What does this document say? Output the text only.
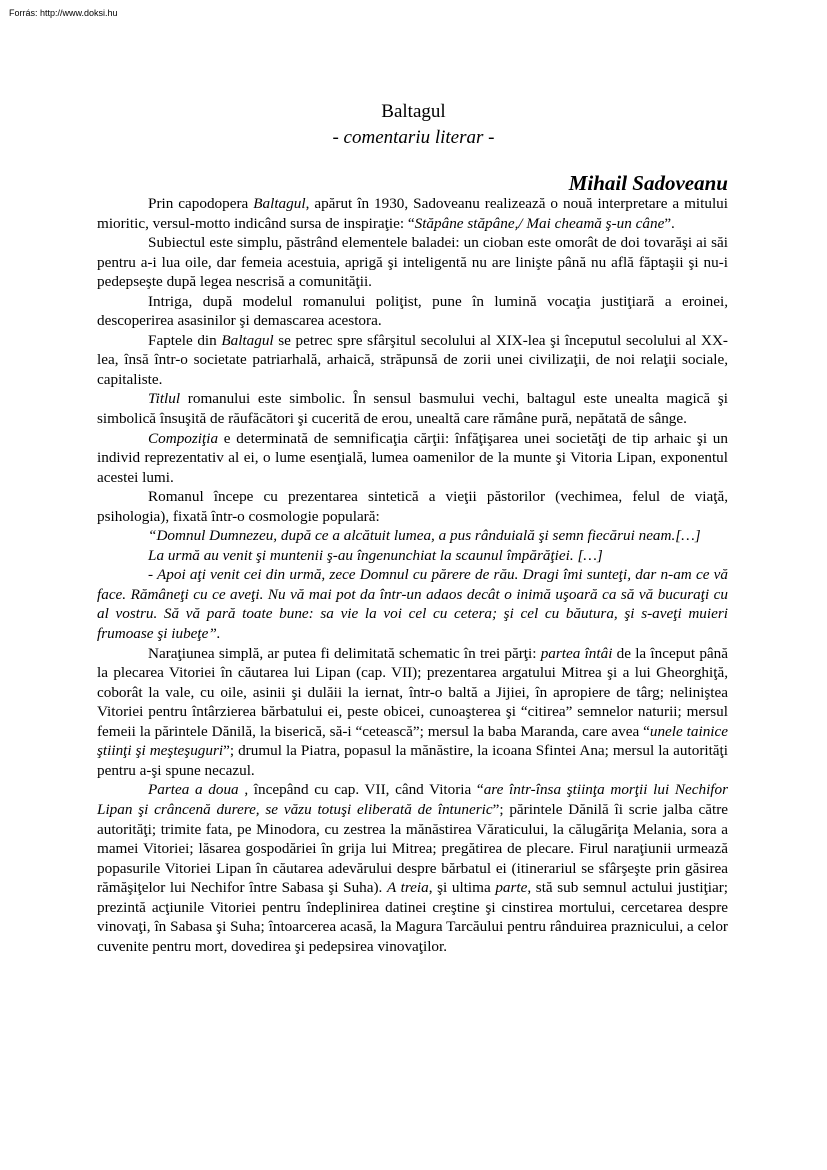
Forrás: http://www.doksi.hu
Baltagul
- comentariu literar -
Mihail Sadoveanu

Prin capodopera Baltagul, apărut în 1930, Sadoveanu realizează o nouă interpretare a mitului mioritic, versul-motto indicând sursa de inspiraţie: “Stăpâne stăpâne,/ Mai cheamă ş-un câne”.

Subiectul este simplu, păstrând elementele baladei: un cioban este omorât de doi tovarăşi ai săi pentru a-i lua oile, dar femeia acestuia, aprigă şi inteligentă nu are linişte până nu află făptaşii şi nu-i pedepseşte după legea nescrisă a comunităţii.

Intriga, după modelul romanului poliţist, pune în lumină vocaţia justiţiară a eroinei, descoperirea asasinilor şi demascarea acestora.

Faptele din Baltagul se petrec spre sfârşitul secolului al XIX-lea şi începutul secolului al XX-lea, însă într-o societate patriarhală, arhaică, străpunsă de zorii unei civilizaţii, de noi relaţii sociale, capitaliste.

Titlul romanului este simbolic. În sensul basmului vechi, baltagul este unealta magică şi simbolică însuşită de răufăcători şi cucerită de erou, unealtă care rămâne pură, nepătată de sânge.

Compoziţia e determinată de semnificaţia cărţii: înfăţişarea unei societăţi de tip arhaic şi un individ reprezentativ al ei, o lume esenţială, lumea oamenilor de la munte şi Vitoria Lipan, exponentul acestei lumi.

Romanul începe cu prezentarea sintetică a vieţii păstorilor (vechimea, felul de viaţă, psihologia), fixată într-o cosmologie populară:

“Domnul Dumnezeu, după ce a alcătuit lumea, a pus rânduială şi semn fiecărui neam.[…]

La urmă au venit şi muntenii ş-au îngenunchiat la scaunul împărăţiei. […]

- Apoi aţi venit cei din urmă, zece Domnul cu părere de rău. Dragi îmi sunteţi, dar n-am ce vă face. Rămâneţi cu ce aveţi. Nu vă mai pot da într-un adaos decât o inimă uşoară ca să vă bucuraţi cu al vostru. Să vă pară toate bune: sa vie la voi cel cu cetera; şi cel cu băutura, şi s-aveţi muieri frumoase şi iubeţe”.

Naraţiunea simplă, ar putea fi delimitată schematic în trei părţi: partea întâi de la început până la plecarea Vitoriei în căutarea lui Lipan (cap. VII); prezentarea argatului Mitrea şi a lui Gheorghiţă, coborât la vale, cu oile, asinii şi dulăii la iernat, într-o baltă a Jijiei, în apropiere de târg; neliniştea Vitoriei pentru întârzierea bărbatului ei, peste obicei, cunoaşterea şi “citirea” semnelor naturii; mersul femeii la părintele Dănilă, la biserică, să-i “cetească”; mersul la baba Maranda, care avea “unele tainice ştiinţi şi meşteşuguri”; drumul la Piatra, popasul la mănăstire, la icoana Sfintei Ana; mersul la autorităţi pentru a-şi spune necazul.

Partea a doua , începând cu cap. VII, când Vitoria “are într-însa ştiinţa morţii lui Nechifor Lipan şi crâncenă durere, se văzu totuşi eliberată de întuneric”; părintele Dănilă îi scrie jalba către autorităţi; trimite fata, pe Minodora, cu zestrea la mănăstirea Văraticului, la călugăriţa Melania, sora a mamei Vitoriei; lăsarea gospodăriei în grija lui Mitrea; pregătirea de plecare. Firul naraţiunii urmează popasurile Vitoriei Lipan în căutarea adevărului despre bărbatul ei (itinerariul se sfârşeşte prin găsirea rămăşiţelor lui Nechifor între Sabasa şi Suha). A treia, şi ultima parte, stă sub semnul actului justiţiar; prezintă acţiunile Vitoriei pentru îndeplinirea datinei creştine şi cinstirea mortului, cercetarea despre vinovaţi, în Sabasa şi Suha; întoarcerea acasă, la Magura Tarcăului pentru rânduirea praznicului, a celor cuvenite pentru mort, dovedirea şi pedepsirea vinovaţilor.
